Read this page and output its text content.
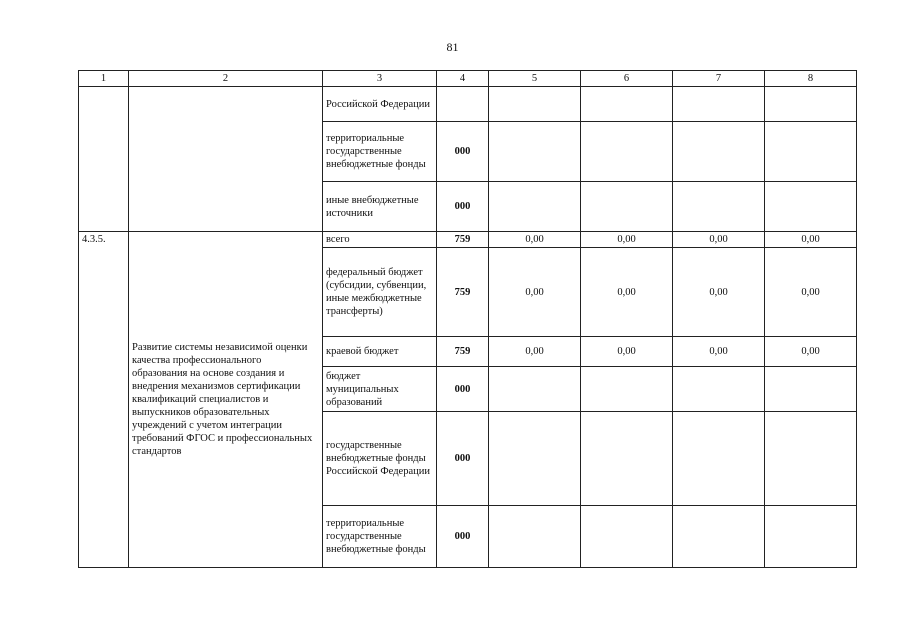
81
1	2	3	4	5	6	7	8
		Российской Федерации					
		территориальные государственные внебюджетные фонды	000				
		иные внебюджетные источники	000				
4.3.5.	Развитие системы независимой оценки качества профессионального образования на основе создания и внедрения механизмов сертификации квалификаций специалистов и выпускников образовательных учреждений с учетом интеграции требований ФГОС и профессиональных стандартов	всего	759	0,00	0,00	0,00	0,00
		федеральный бюджет (субсидии, субвенции, иные межбюджетные трансферты)	759	0,00	0,00	0,00	0,00
		краевой бюджет	759	0,00	0,00	0,00	0,00
		бюджет муниципальных образований	000				
		государственные внебюджетные фонды Российской Федерации	000				
		территориальные государственные внебюджетные фонды	000				
